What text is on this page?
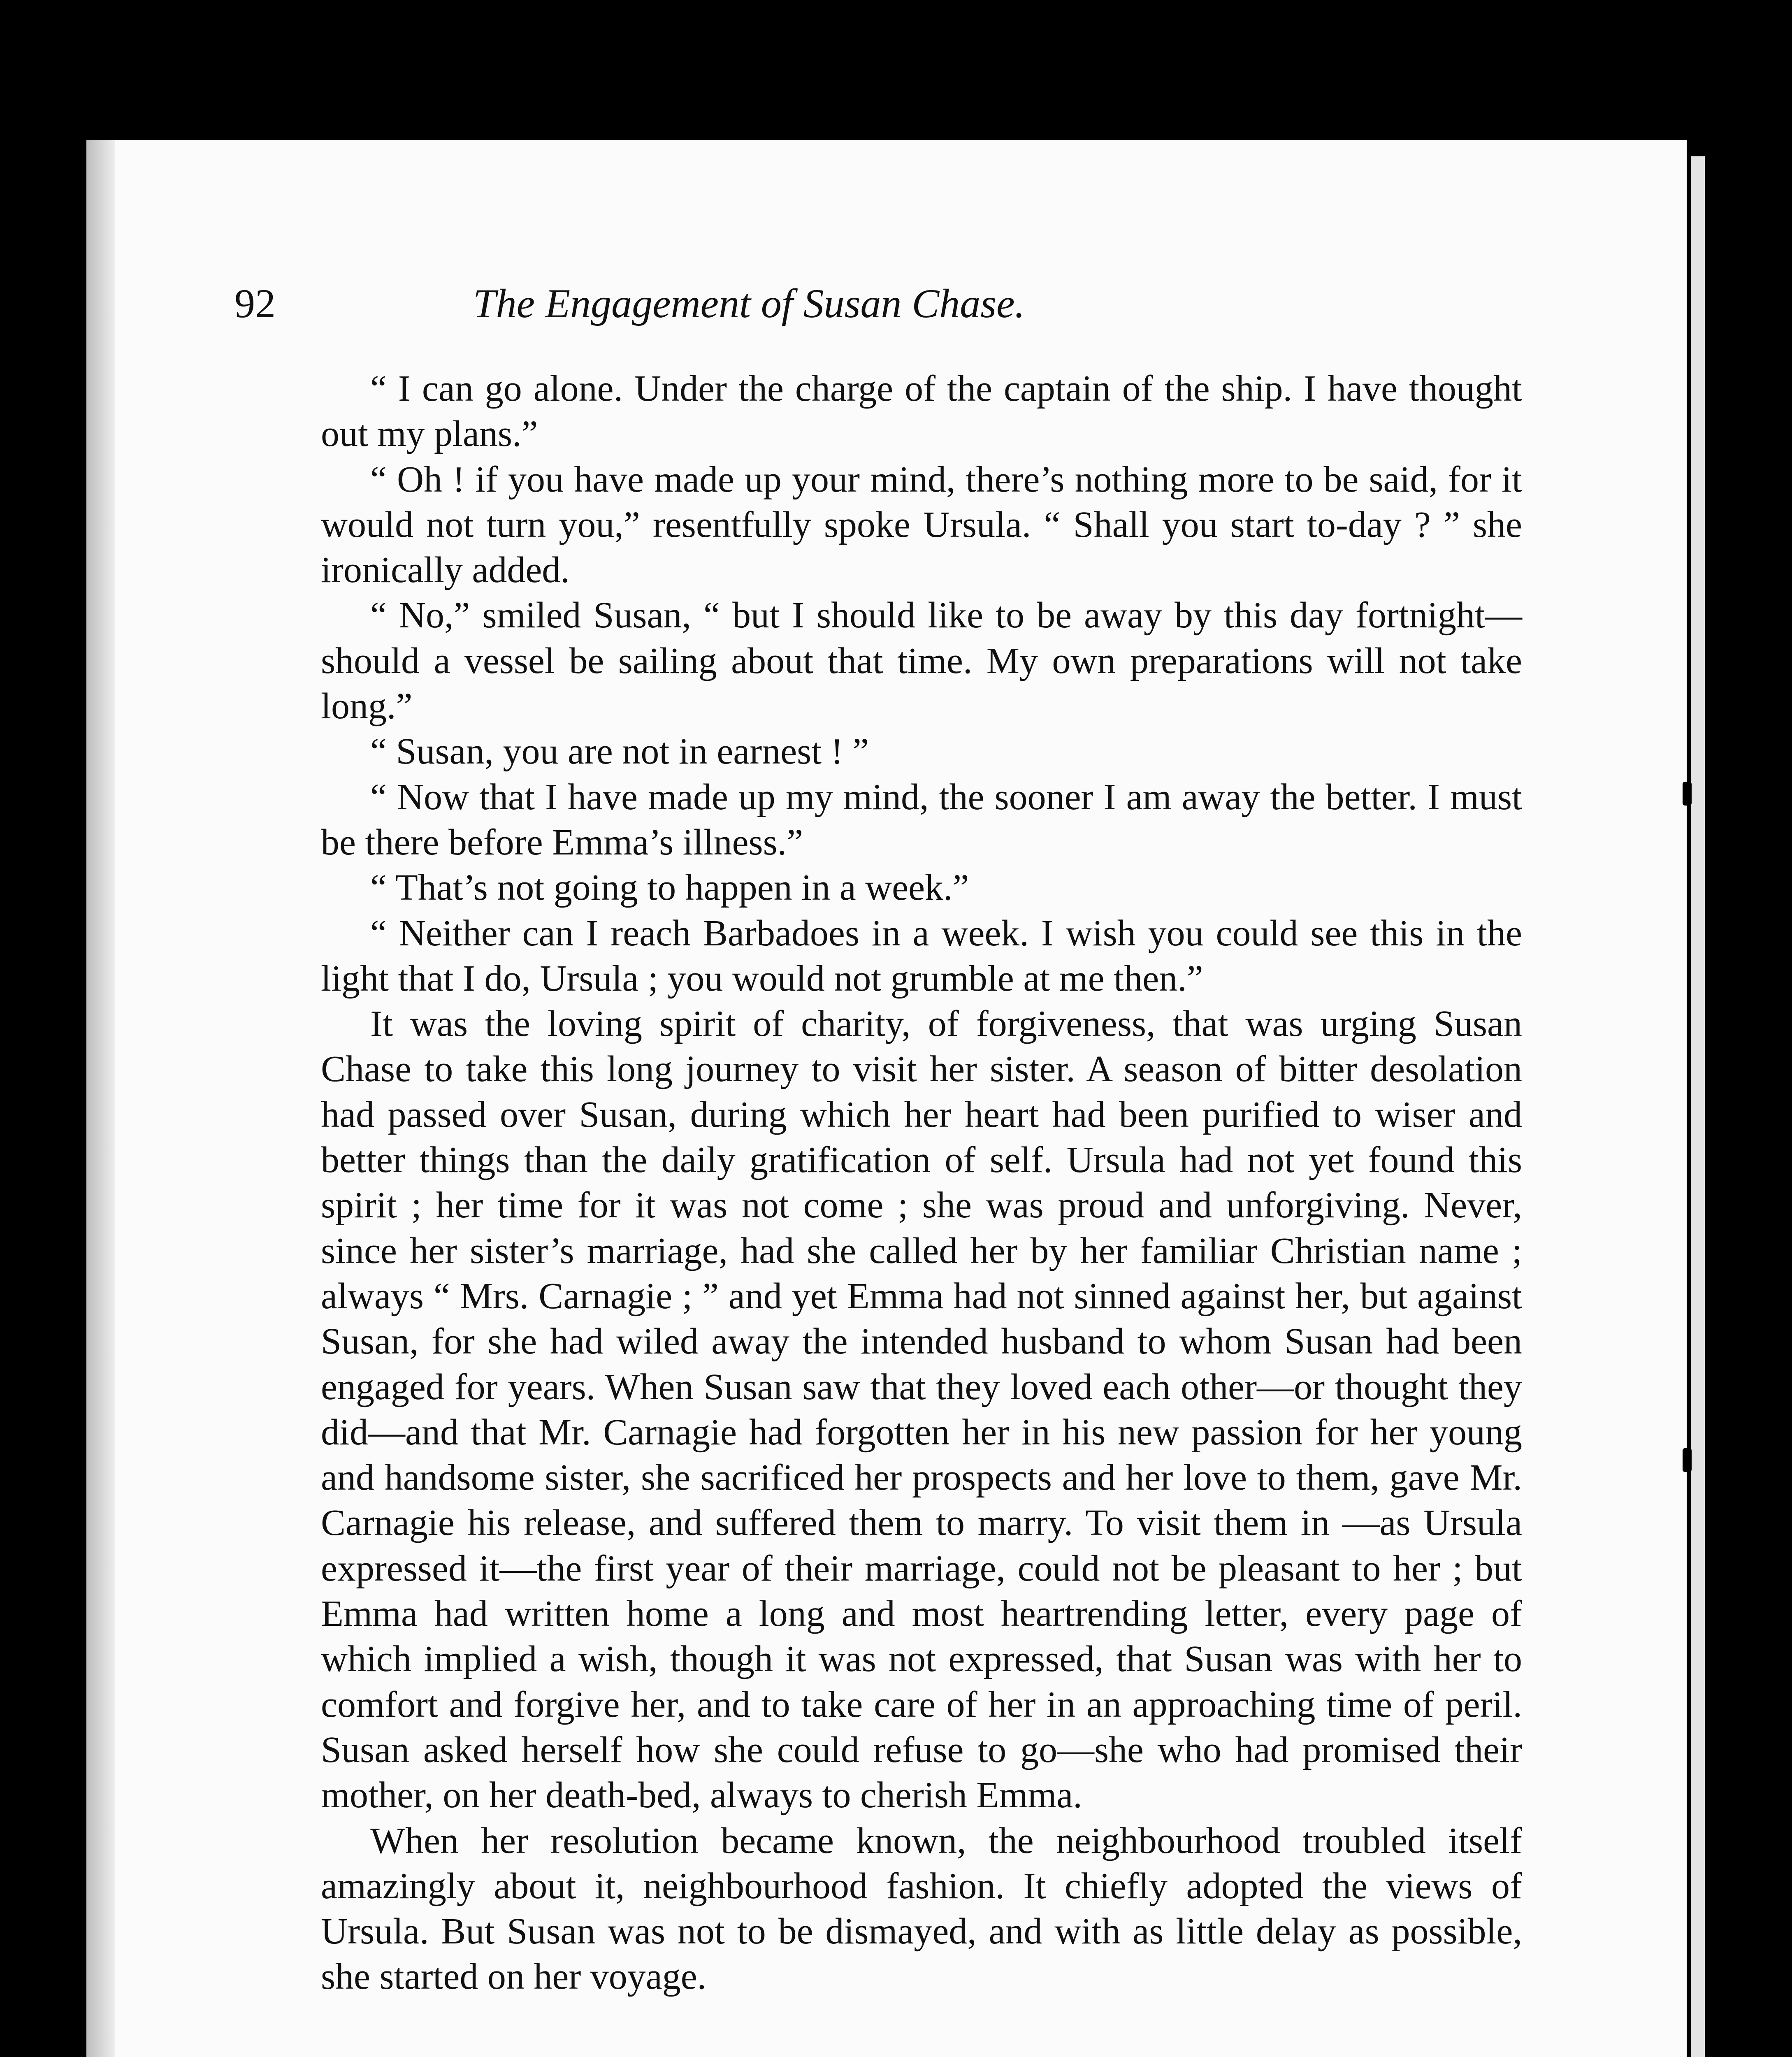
92	The Engagement of Susan Chase.

“ I can go alone. Under the charge of the captain of the ship. I have thought out my plans.”

“ Oh ! if you have made up your mind, there’s nothing more to be said, for it would not turn you,” resentfully spoke Ursula. “ Shall you start to-day ? ” she ironically added.

“ No,” smiled Susan, “ but I should like to be away by this day fortnight—should a vessel be sailing about that time. My own preparations will not take long.”

“ Susan, you are not in earnest ! ”

“ Now that I have made up my mind, the sooner I am away the better. I must be there before Emma’s illness.”

“ That’s not going to happen in a week.”

“ Neither can I reach Barbadoes in a week. I wish you could see this in the light that I do, Ursula ; you would not grumble at me then.”

It was the loving spirit of charity, of forgiveness, that was urging Susan Chase to take this long journey to visit her sister. A season of bitter desolation had passed over Susan, during which her heart had been purified to wiser and better things than the daily gratification of self. Ursula had not yet found this spirit ; her time for it was not come ; she was proud and unforgiving. Never, since her sister’s marriage, had she called her by her familiar Christian name ; always “ Mrs. Carnagie ; ” and yet Emma had not sinned against her, but against Susan, for she had wiled away the intended husband to whom Susan had been engaged for years. When Susan saw that they loved each other—or thought they did—and that Mr. Carnagie had forgotten her in his new passion for her young and handsome sister, she sacrificed her prospects and her love to them, gave Mr. Carnagie his release, and suffered them to marry. To visit them in —as Ursula expressed it—the first year of their marriage, could not be pleasant to her ; but Emma had written home a long and most heartrending letter, every page of which implied a wish, though it was not expressed, that Susan was with her to comfort and forgive her, and to take care of her in an approaching time of peril. Susan asked herself how she could refuse to go—she who had promised their mother, on her death-bed, always to cherish Emma.

When her resolution became known, the neighbourhood troubled itself amazingly about it, neighbourhood fashion. It chiefly adopted the views of Ursula. But Susan was not to be dismayed, and with as little delay as possible, she started on her voyage.
